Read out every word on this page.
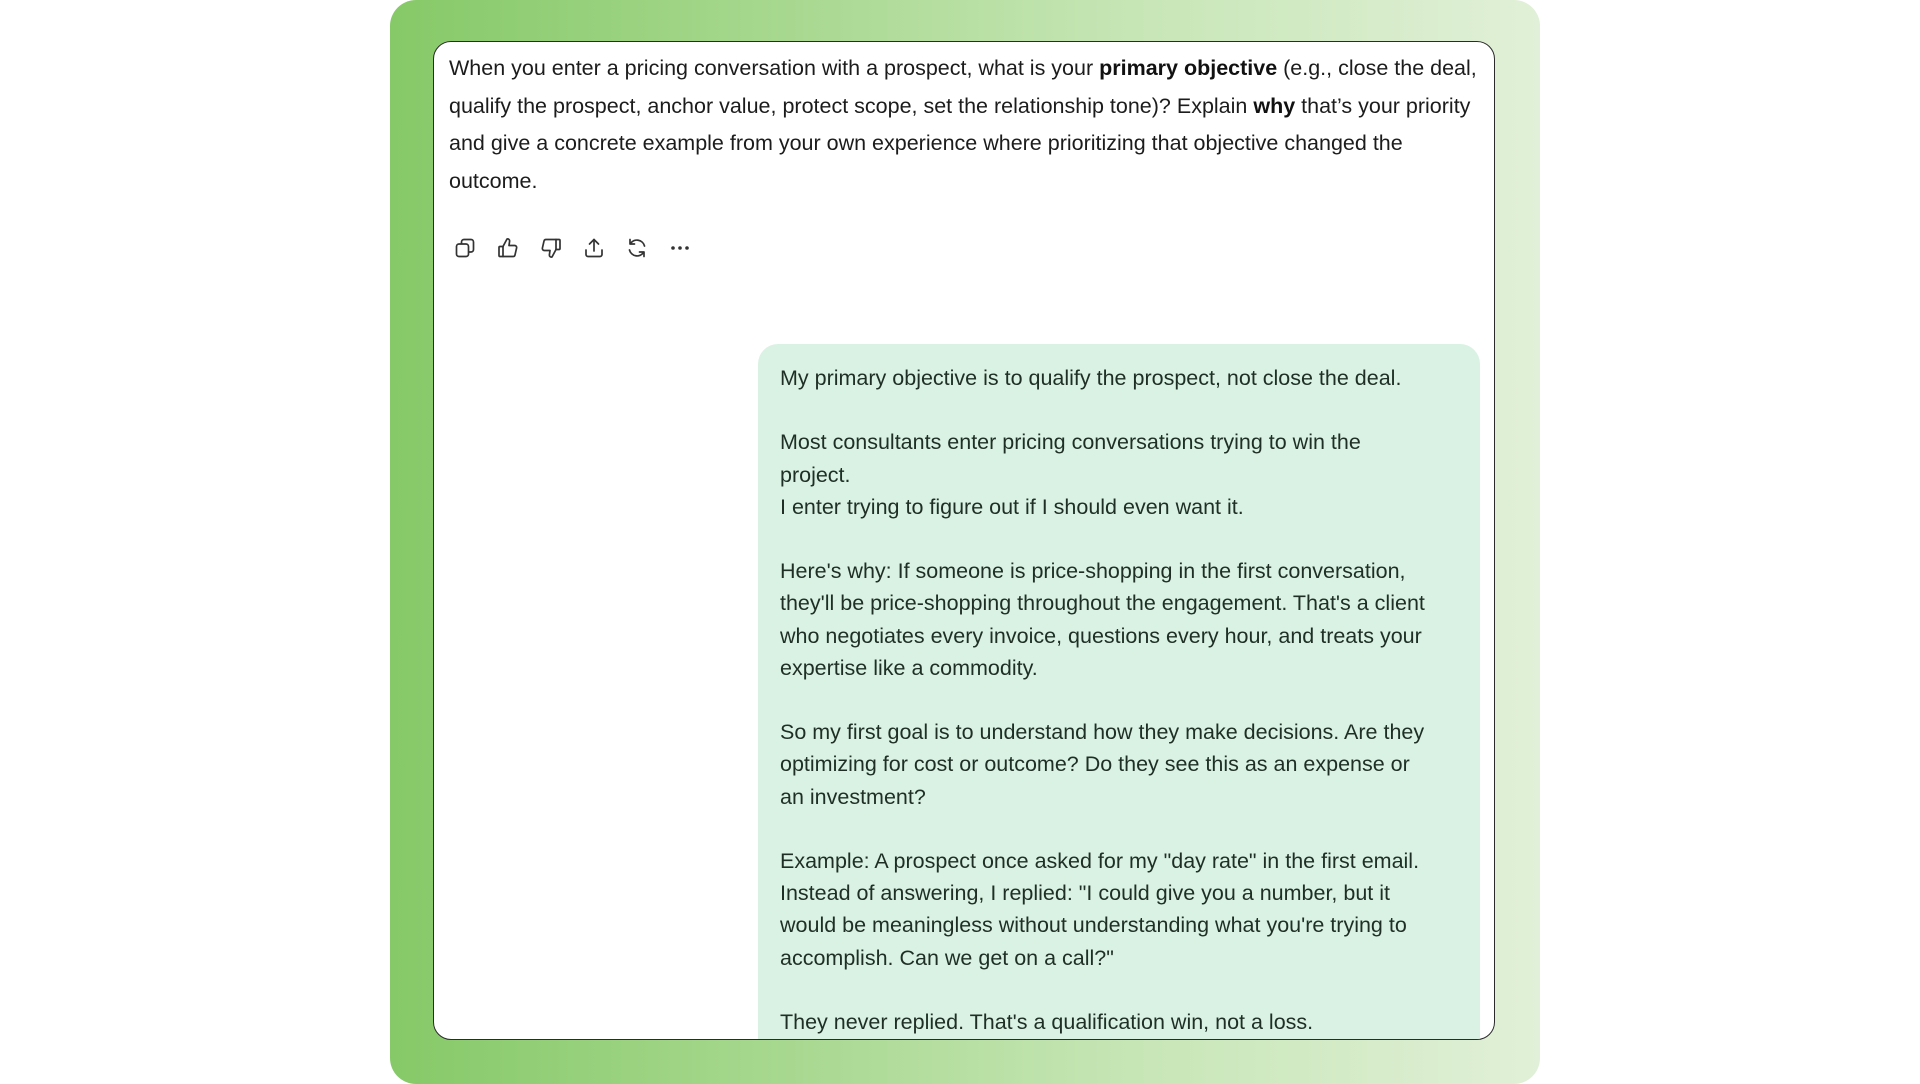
When you enter a pricing conversation with a prospect, what is your primary objective (e.g., close the deal, qualify the prospect, anchor value, protect scope, set the relationship tone)? Explain why that’s your priority and give a concrete example from your own experience where prioritizing that objective changed the outcome.
My primary objective is to qualify the prospect, not close the deal.
Most consultants enter pricing conversations trying to win the
project.
I enter trying to figure out if I should even want it.
Here's why: If someone is price-shopping in the first conversation,
they'll be price-shopping throughout the engagement. That's a client
who negotiates every invoice, questions every hour, and treats your
expertise like a commodity.
So my first goal is to understand how they make decisions. Are they
optimizing for cost or outcome? Do they see this as an expense or
an investment?
Example: A prospect once asked for my "day rate" in the first email.
Instead of answering, I replied: "I could give you a number, but it
would be meaningless without understanding what you're trying to
accomplish. Can we get on a call?"
They never replied. That's a qualification win, not a loss.
